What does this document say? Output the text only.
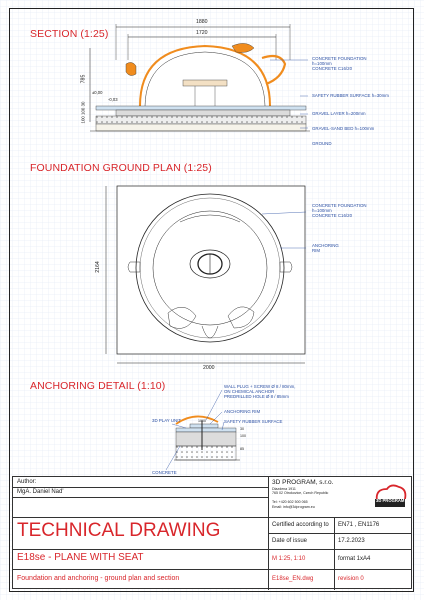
SECTION (1:25)
FOUNDATION GROUND PLAN (1:25)
ANCHORING DETAIL (1:10)
1880
1720
785
100 100 30
±0,00
-0,03
CONCRETE FOUNDATION
h=100mm
CONCRETE C16/20
SAFETY RUBBER SURFACE h=30mm
GRAVEL LAYER h=200mm
GRAVEL-SAND BED h=100mm
GROUND
2164
2000
CONCRETE FOUNDATION
h=100mm
CONCRETE C16/20
ANCHORING
RIM
WALL PLUG + SCREW Ø 8 / 80mm,
ON CHEMICAL ANCHOR
PREDRILLED HOLE Ø 8 / 85mm
ANCHORING RIM
SAFETY RUBBER SURFACE
3D PLAY UNIT
CONCRETE
1000
100
30
85
Author:
MgA. Daniel Nad'
3D PROGRAM, s.r.o.
Dlazdena 1911
765 02 Otrokovice, Czech Republic

Tel: +420 602 500 065
Email: info@3dprogram.eu
3D PROGRAM
TECHNICAL DRAWING
E18se - PLANE WITH SEAT
Foundation and anchoring - ground plan and section
Certified according to EN71 , EN1176
Date of issue	17.2.2023
M 1:25, 1:10	format 1xA4
E18se_EN.dwg	revision 0
